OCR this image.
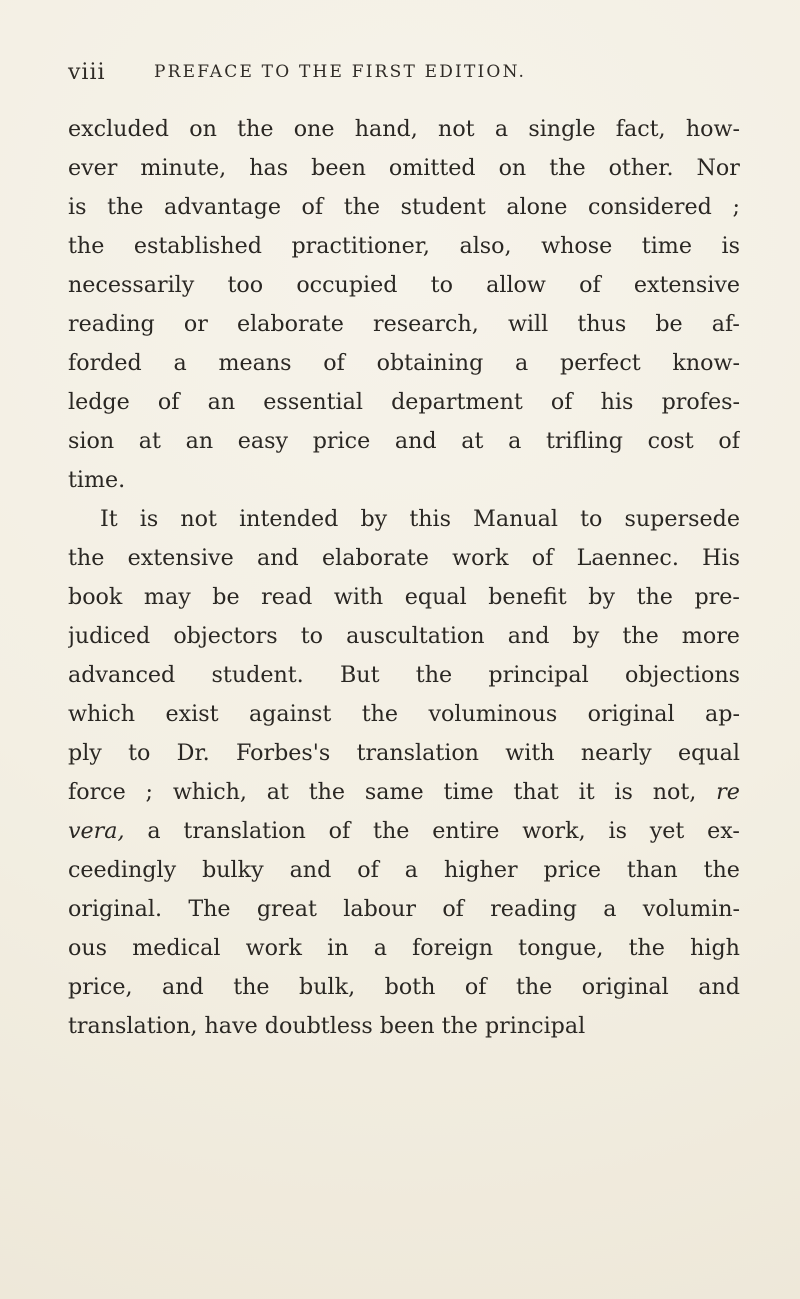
viii	PREFACE TO THE FIRST EDITION.
excluded on the one hand, not a single fact, how-
ever minute, has been omitted on the other. Nor
is the advantage of the student alone considered ;
the established practitioner, also, whose time is
necessarily too occupied to allow of extensive
reading or elaborate research, will thus be af-
forded a means of obtaining a perfect know-
ledge of an essential department of his profes-
sion at an easy price and at a trifling cost of
time.
It is not intended by this Manual to supersede
the extensive and elaborate work of Laennec. His
book may be read with equal benefit by the pre-
judiced objectors to auscultation and by the more
advanced student. But the principal objections
which exist against the voluminous original ap-
ply to Dr. Forbes's translation with nearly equal
force ; which, at the same time that it is not, re
vera, a translation of the entire work, is yet ex-
ceedingly bulky and of a higher price than the
original. The great labour of reading a volumin-
ous medical work in a foreign tongue, the high
price, and the bulk, both of the original and
translation, have doubtless been the principal
